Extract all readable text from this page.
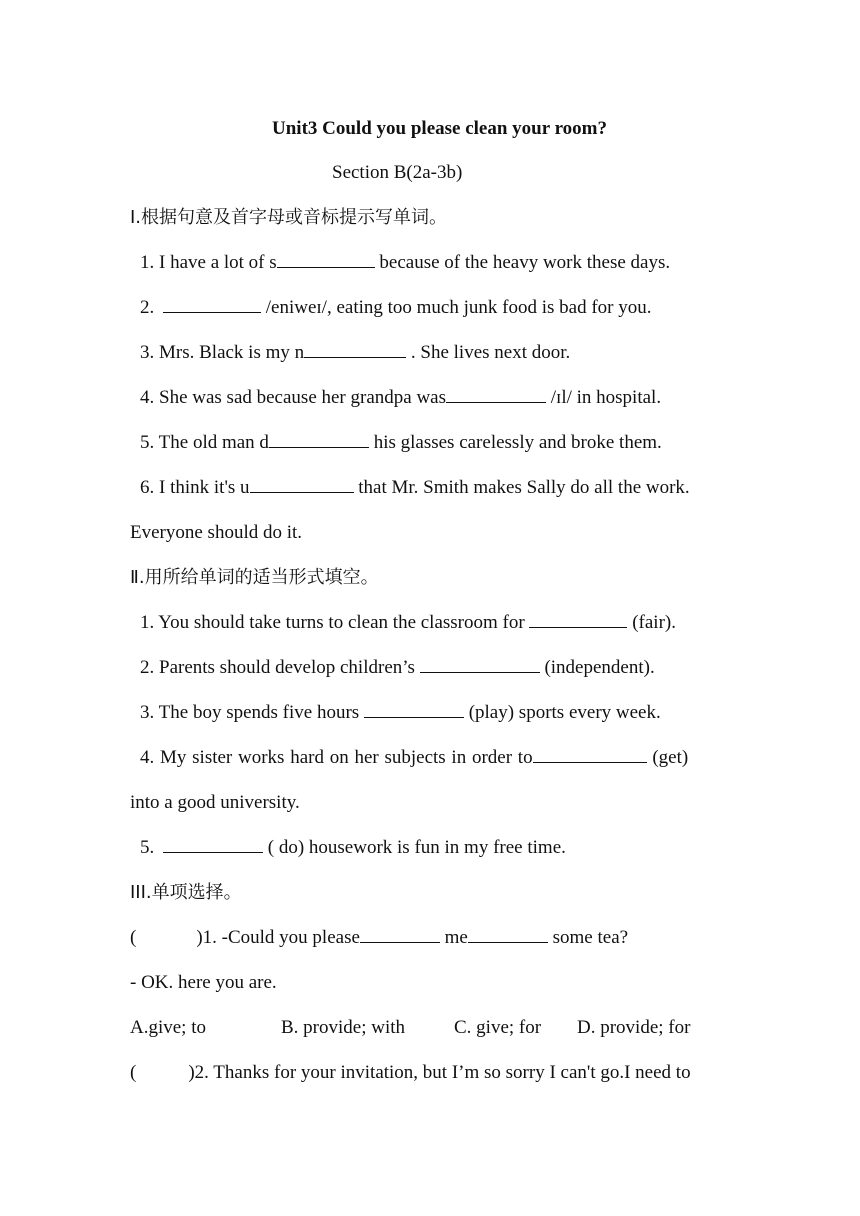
Unit3 Could you please clean your room?
Section B(2a-3b)
I.根据句意及首字母或音标提示写单词。
1. I have a lot of s	because of the heavy work these days.
2.	/eniweɪ/, eating too much junk food is bad for you.
3. Mrs. Black is my n	. She lives next door.
4. She was sad because her grandpa was	/ɪl/ in hospital.
5. The old man d	his glasses carelessly and broke them.
6. I think it's u	that Mr. Smith makes Sally do all the work.
Everyone should do it.
Ⅱ.用所给单词的适当形式填空。
1. You should take turns to clean the classroom for	(fair).
2. Parents should develop children’s	(independent).
3. The boy spends five hours	(play) sports every week.
4. My sister works hard on her subjects in order to	(get)
into a good university.
5.	( do) housework is fun in my free time.
III.单项选择。
(	)1. -Could you please	me	some tea?
- OK. here you are.
A.give; to	B. provide; with	C. give; for	D. provide; for
(	)2. Thanks for your invitation, but I’m so sorry I can't go.I need to
